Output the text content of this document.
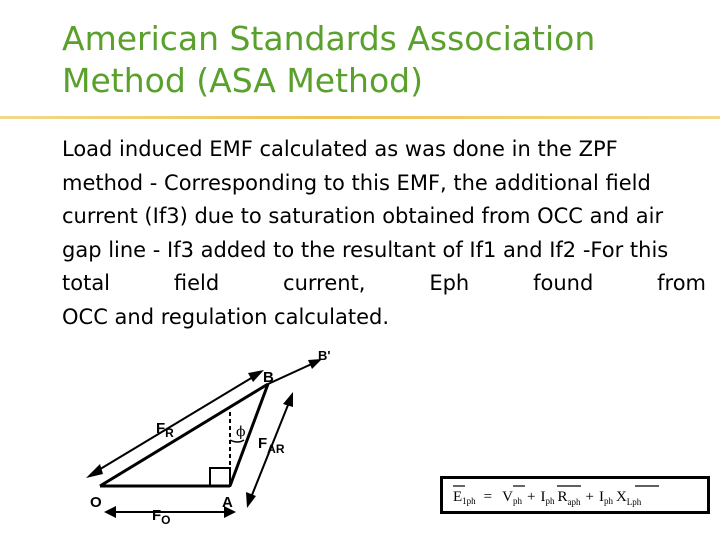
American Standards Association
Method (ASA Method)
Load induced EMF calculated as was done in the ZPF
method - Corresponding to this EMF, the additional field
current (If3) due to saturation obtained from OCC and air
gap line - If3 added to the resultant of If1 and If2 -For this
total field current, Eph found from
OCC and regulation calculated.
O	A
B
B'
$F_R$
$F_{AR}$
$F_O$
ϕ
$E_{1ph} = V_{ph} + I_{ph}$ $R_{aph} + I_{ph}$ $X_{Lph}$
